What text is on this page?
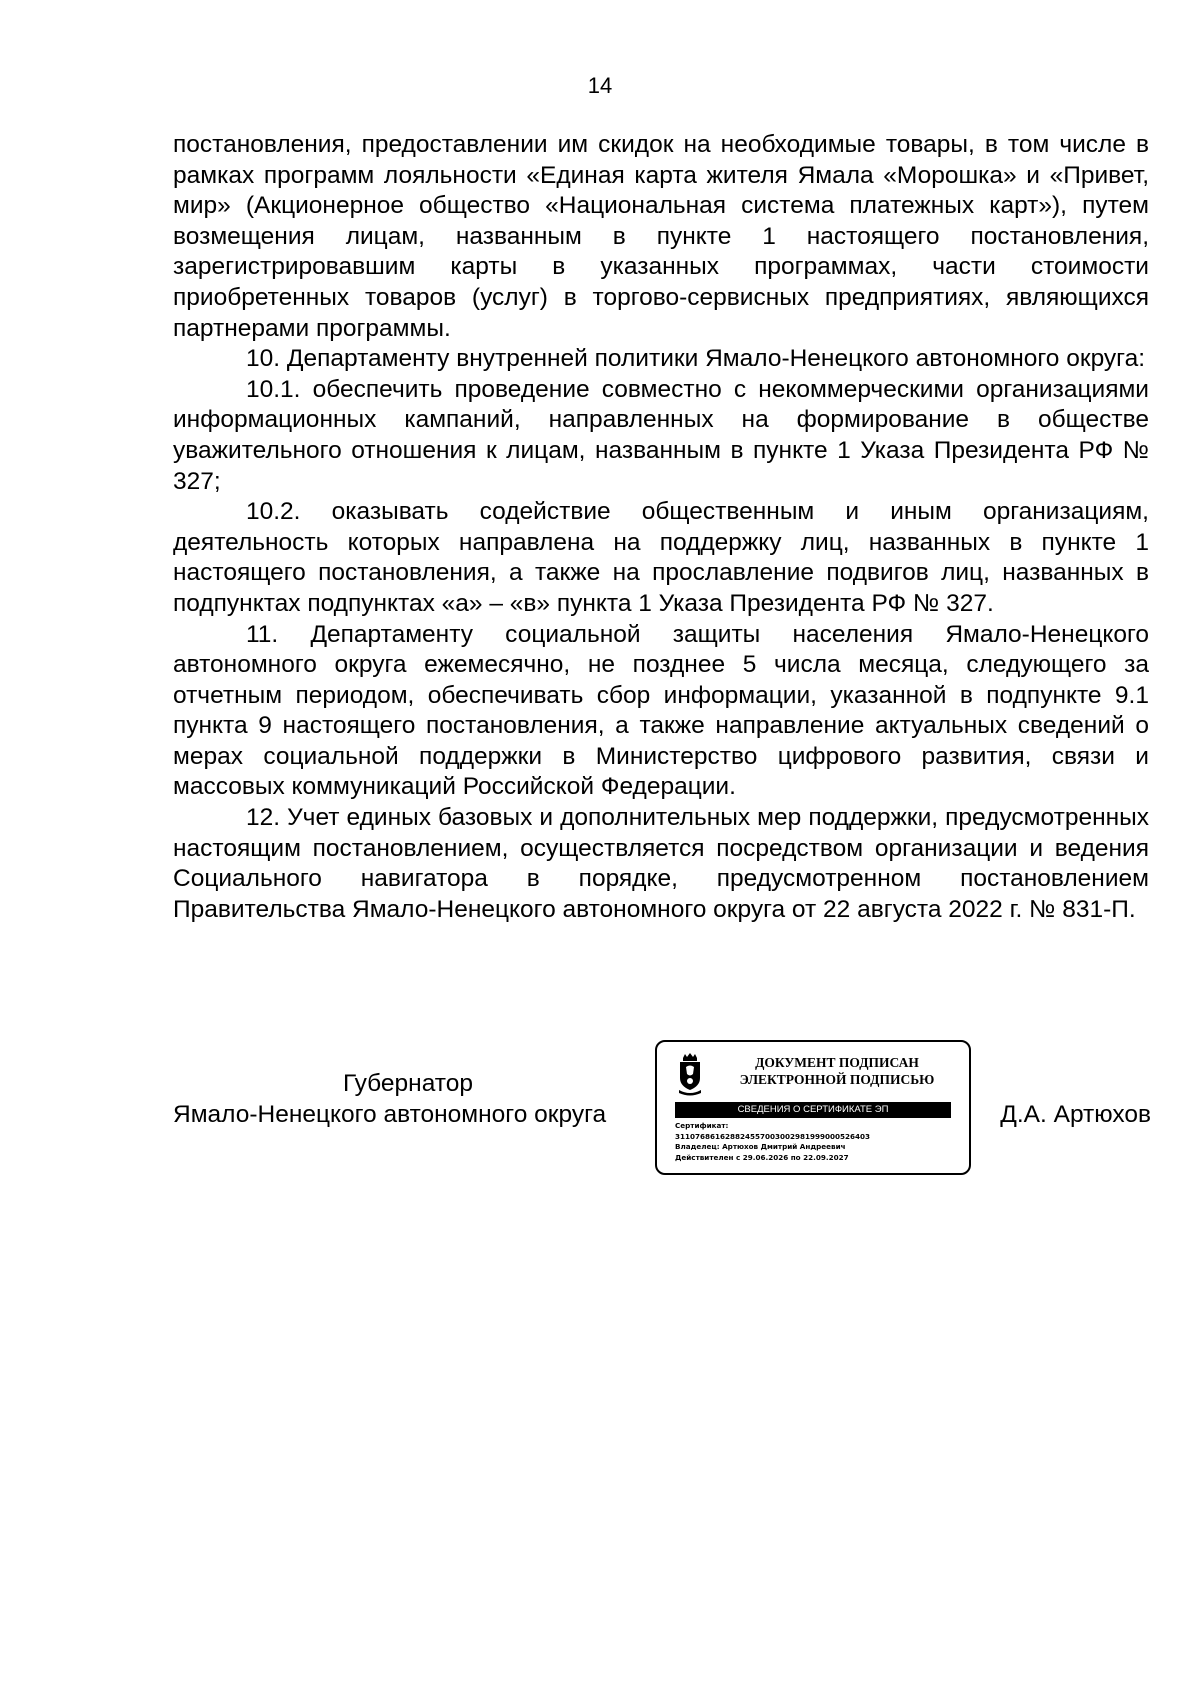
14

постановления, предоставлении им скидок на необходимые товары, в том числе в рамках программ лояльности «Единая карта жителя Ямала «Морошка» и «Привет, мир» (Акционерное общество «Национальная система платежных карт»), путем возмещения лицам, названным в пункте 1 настоящего постановления, зарегистрировавшим карты в указанных программах, части стоимости приобретенных товаров (услуг) в торгово-сервисных предприятиях, являющихся партнерами программы.

10. Департаменту внутренней политики Ямало-Ненецкого автономного округа:

10.1. обеспечить проведение совместно с некоммерческими организациями информационных кампаний, направленных на формирование в обществе уважительного отношения к лицам, названным в пункте 1 Указа Президента РФ № 327;

10.2. оказывать содействие общественным и иным организациям, деятельность которых направлена на поддержку лиц, названных в пункте 1 настоящего постановления, а также на прославление подвигов лиц, названных в подпунктах подпунктах «а» – «в» пункта 1 Указа Президента РФ № 327.

11. Департаменту социальной защиты населения Ямало-Ненецкого автономного округа ежемесячно, не позднее 5 числа месяца, следующего за отчетным периодом, обеспечивать сбор информации, указанной в подпункте 9.1 пункта 9 настоящего постановления, а также направление актуальных сведений о мерах социальной поддержки в Министерство цифрового развития, связи и массовых коммуникаций Российской Федерации.

12. Учет единых базовых и дополнительных мер поддержки, предусмотренных настоящим постановлением, осуществляется посредством организации и ведения Социального навигатора в порядке, предусмотренном постановлением Правительства Ямало-Ненецкого автономного округа от 22 августа 2022 г. № 831-П.

Губернатор
Ямало-Ненецкого автономного округа
ДОКУМЕНТ ПОДПИСАН
ЭЛЕКТРОННОЙ ПОДПИСЬЮ
СВЕДЕНИЯ О СЕРТИФИКАТЕ ЭП
Сертификат:
311076861628824557003002981999000526403
Владелец: Артюхов Дмитрий Андреевич
Действителен с 29.06.2026 по 22.09.2027
Д.А. Артюхов
